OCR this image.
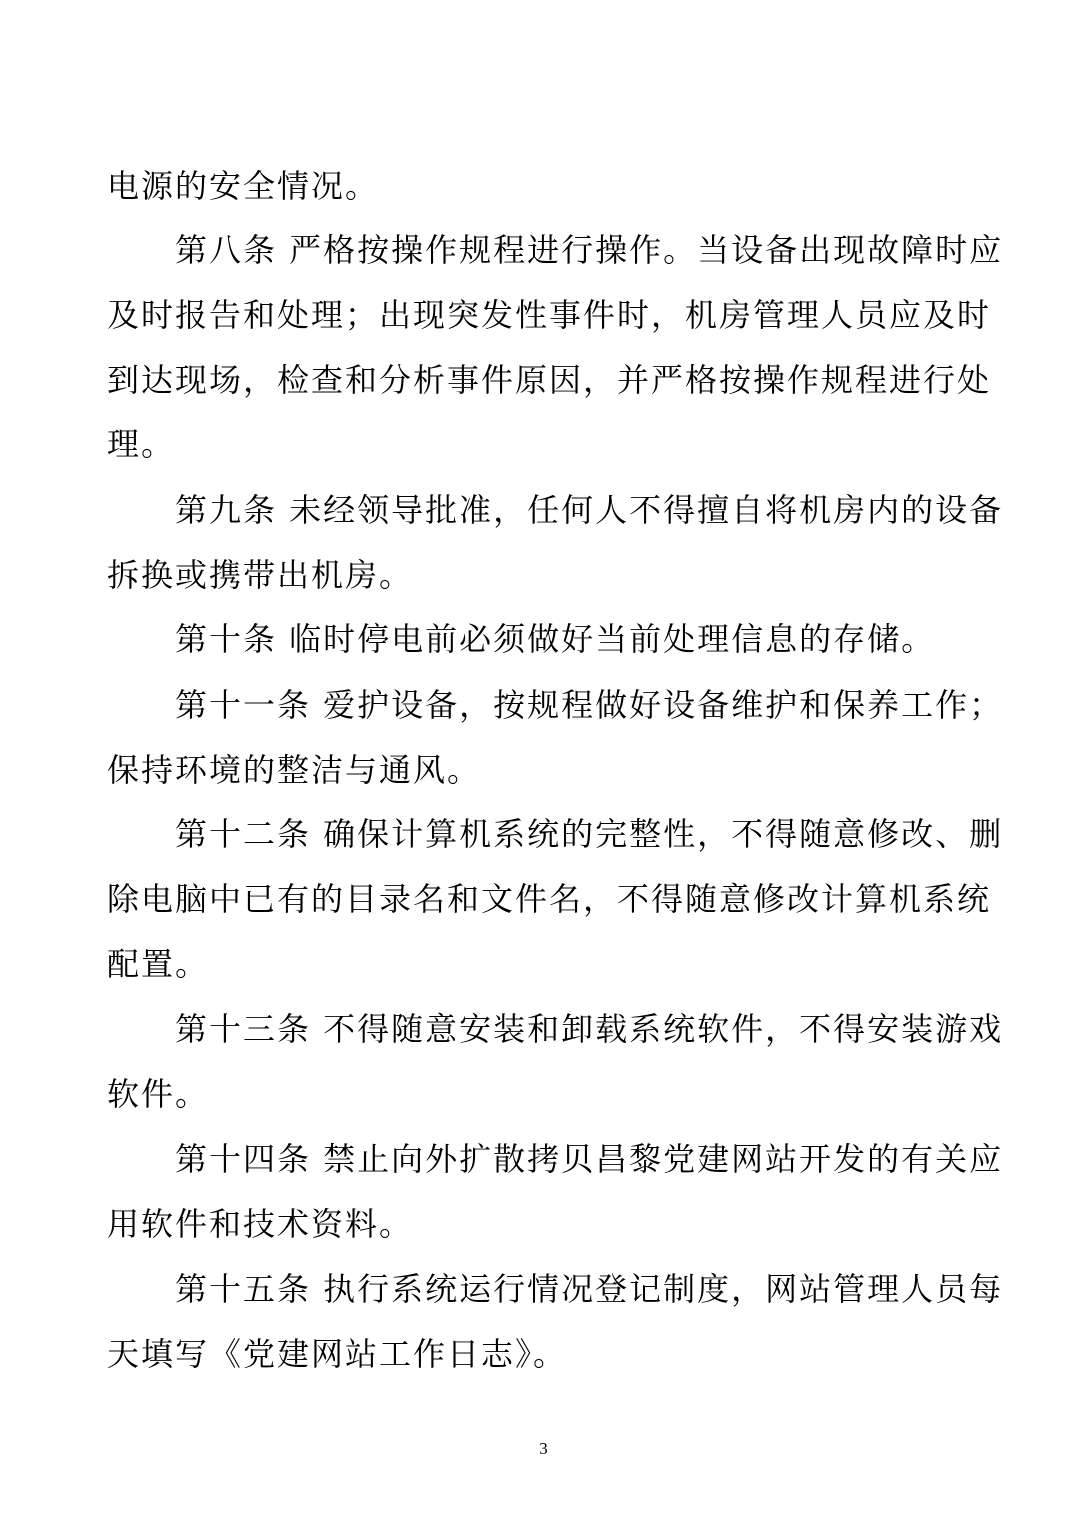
电源的安全情况。
第八条 严格按操作规程进行操作。当设备出现故障时应
及时报告和处理；出现突发性事件时，机房管理人员应及时
到达现场，检查和分析事件原因，并严格按操作规程进行处
理。
第九条 未经领导批准，任何人不得擅自将机房内的设备
拆换或携带出机房。
第十条 临时停电前必须做好当前处理信息的存储。
第十一条 爱护设备，按规程做好设备维护和保养工作；
保持环境的整洁与通风。
第十二条 确保计算机系统的完整性，不得随意修改、删
除电脑中已有的目录名和文件名，不得随意修改计算机系统
配置。
第十三条 不得随意安装和卸载系统软件，不得安装游戏
软件。
第十四条 禁止向外扩散拷贝昌黎党建网站开发的有关应
用软件和技术资料。
第十五条 执行系统运行情况登记制度，网站管理人员每
天填写《党建网站工作日志》。
3
